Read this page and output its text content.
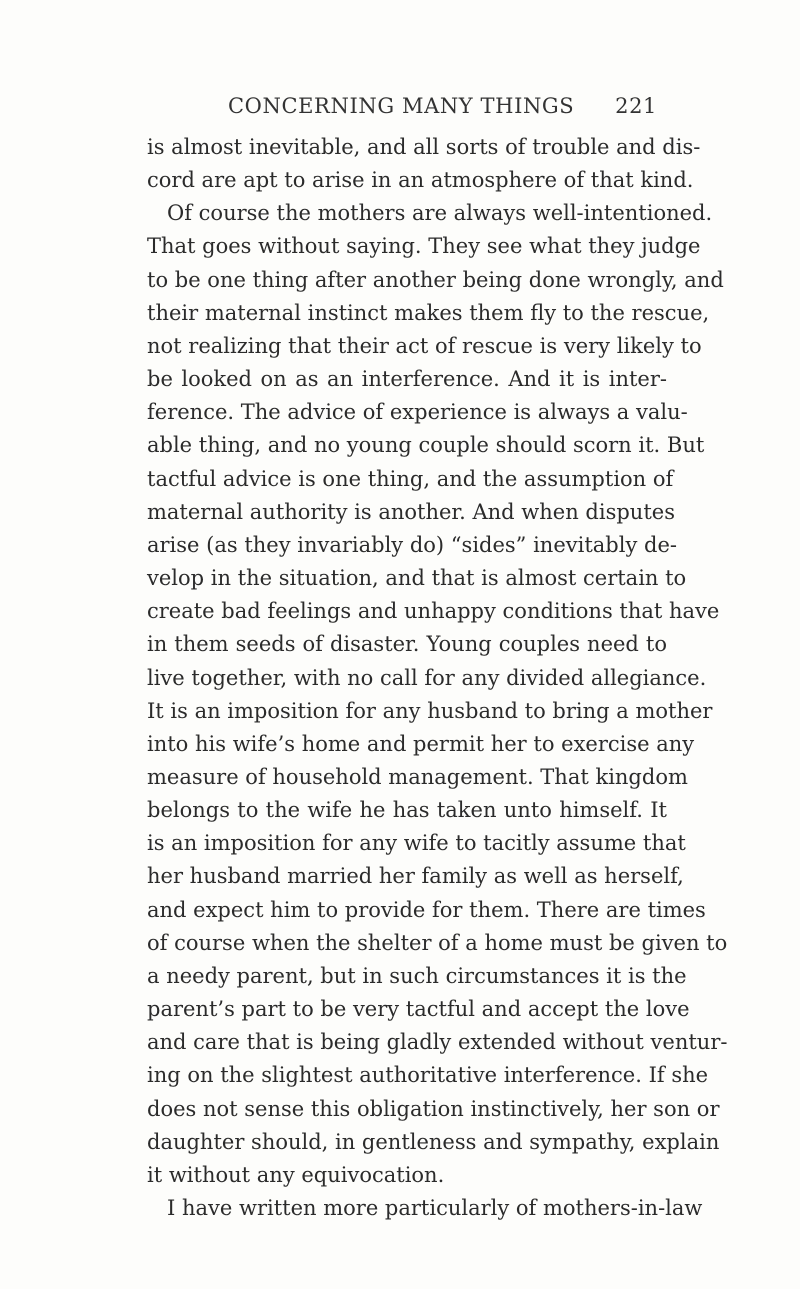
CONCERNING MANY THINGS 221
is almost inevitable, and all sorts of trouble and dis-
cord are apt to arise in an atmosphere of that kind.
Of course the mothers are always well-intentioned.
That goes without saying. They see what they judge
to be one thing after another being done wrongly, and
their maternal instinct makes them fly to the rescue,
not realizing that their act of rescue is very likely to
be looked on as an interference. And it is inter-
ference. The advice of experience is always a valu-
able thing, and no young couple should scorn it. But
tactful advice is one thing, and the assumption of
maternal authority is another. And when disputes
arise (as they invariably do) “sides” inevitably de-
velop in the situation, and that is almost certain to
create bad feelings and unhappy conditions that have
in them seeds of disaster. Young couples need to
live together, with no call for any divided allegiance.
It is an imposition for any husband to bring a mother
into his wife’s home and permit her to exercise any
measure of household management. That kingdom
belongs to the wife he has taken unto himself. It
is an imposition for any wife to tacitly assume that
her husband married her family as well as herself,
and expect him to provide for them. There are times
of course when the shelter of a home must be given to
a needy parent, but in such circumstances it is the
parent’s part to be very tactful and accept the love
and care that is being gladly extended without ventur-
ing on the slightest authoritative interference. If she
does not sense this obligation instinctively, her son or
daughter should, in gentleness and sympathy, explain
it without any equivocation.
I have written more particularly of mothers-in-law
